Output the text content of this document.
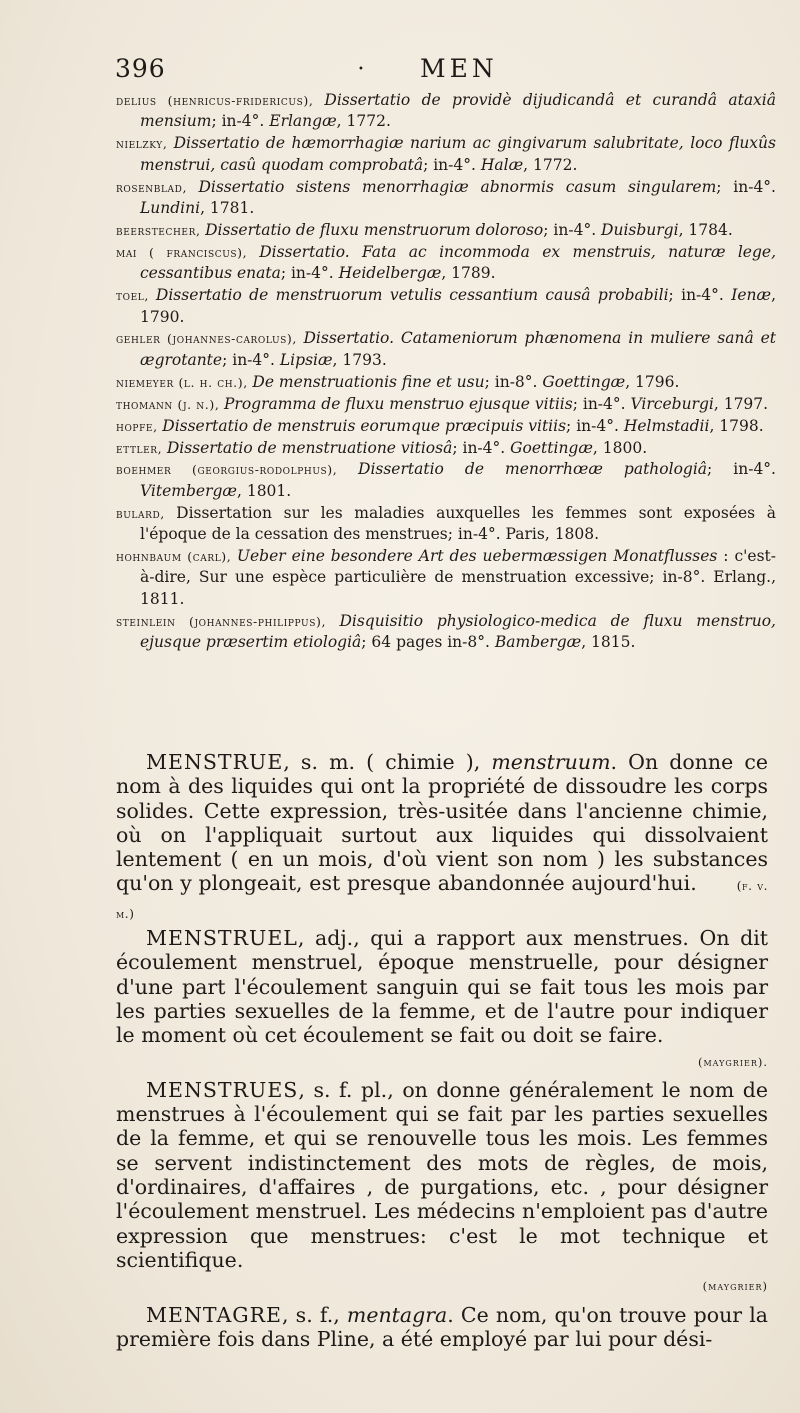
396	• MEN

delius (henricus-fridericus), Dissertatio de providè dijudicandâ et curandâ ataxiâ mensium; in-4°. Erlangæ, 1772.

nielzky, Dissertatio de hæmorrhagiæ narium ac gingivarum salubritate, loco fluxûs menstrui, casû quodam comprobatâ; in-4°. Halæ, 1772.

rosenblad, Dissertatio sistens menorrhagiæ abnormis casum singularem; in-4°. Lundini, 1781.

beerstecher, Dissertatio de fluxu menstruorum doloroso; in-4°. Duisburgi, 1784.

mai ( franciscus), Dissertatio. Fata ac incommoda ex menstruis, naturæ lege, cessantibus enata; in-4°. Heidelbergæ, 1789.

toel, Dissertatio de menstruorum vetulis cessantium causâ probabili; in-4°. Ienæ, 1790.

gehler (johannes-carolus), Dissertatio. Catameniorum phænomena in muliere sanâ et ægrotante; in-4°. Lipsiæ, 1793.

niemeyer (l. h. ch.), De menstruationis fine et usu; in-8°. Goettingæ, 1796.

thomann (j. n.), Programma de fluxu menstruo ejusque vitiis; in-4°. Virceburgi, 1797.

hopfe, Dissertatio de menstruis eorumque præcipuis vitiis; in-4°. Helmstadii, 1798.

ettler, Dissertatio de menstruatione vitiosâ; in-4°. Goettingæ, 1800.

boehmer (georgius-rodolphus), Dissertatio de menorrhœæ pathologiâ; in-4°. Vitembergæ, 1801.

bulard, Dissertation sur les maladies auxquelles les femmes sont exposées à l'époque de la cessation des menstrues; in-4°. Paris, 1808.

hohnbaum (carl), Ueber eine besondere Art des uebermæssigen Monatflusses : c'est-à-dire, Sur une espèce particulière de menstruation excessive; in-8°. Erlang., 1811.

steinlein (johannes-philippus), Disquisitio physiologico-medica de fluxu menstruo, ejusque præsertim etiologiâ; 64 pages in-8°. Bambergæ, 1815.

MENSTRUE, s. m. ( chimie ), menstruum. On donne ce nom à des liquides qui ont la propriété de dissoudre les corps solides. Cette expression, très-usitée dans l'ancienne chimie, où on l'appliquait surtout aux liquides qui dissolvaient lentement ( en un mois, d'où vient son nom ) les substances qu'on y plongeait, est presque abandonnée aujourd'hui.	(f. v. m.)

MENSTRUEL, adj., qui a rapport aux menstrues. On dit écoulement menstruel, époque menstruelle, pour désigner d'une part l'écoulement sanguin qui se fait tous les mois par les parties sexuelles de la femme, et de l'autre pour indiquer le moment où cet écoulement se fait ou doit se faire.

(maygrier).

MENSTRUES, s. f. pl., on donne généralement le nom de menstrues à l'écoulement qui se fait par les parties sexuelles de la femme, et qui se renouvelle tous les mois. Les femmes se servent indistinctement des mots de règles, de mois, d'ordinaires, d'affaires , de purgations, etc. , pour désigner l'écoulement menstruel. Les médecins n'emploient pas d'autre expression que menstrues: c'est le mot technique et scientifique.

(maygrier)

MENTAGRE, s. f., mentagra. Ce nom, qu'on trouve pour la première fois dans Pline, a été employé par lui pour dési-
